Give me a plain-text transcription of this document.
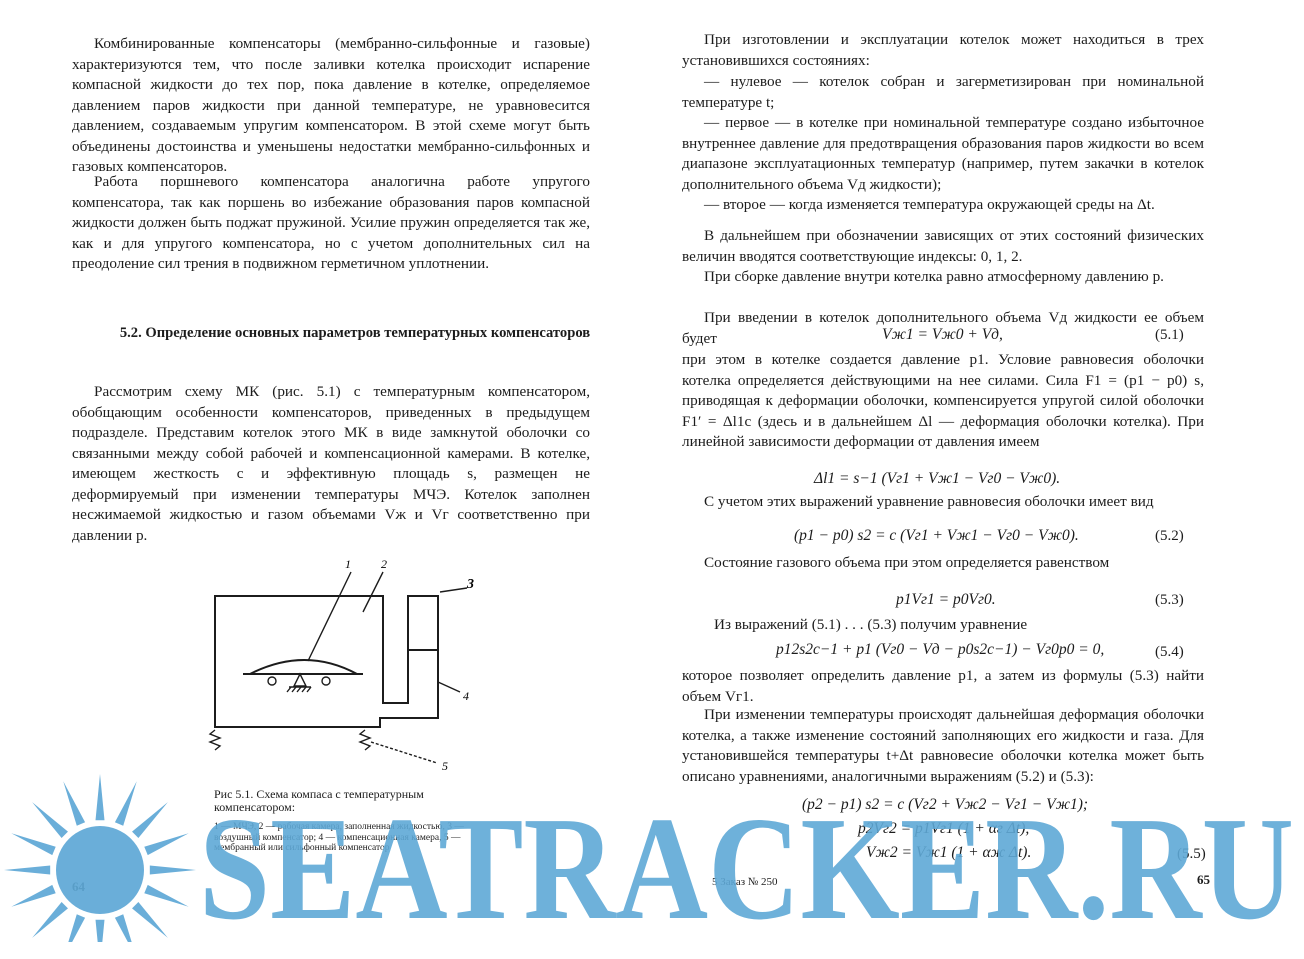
Комбинированные компенсаторы (мембранно-сильфонные и газовые) характеризуются тем, что после заливки котелка происходит испарение компасной жидкости до тех пор, пока давление в котелке, определяемое давлением паров жидкости при данной температуре, не уравновесится давлением, создаваемым упругим компенсатором. В этой схеме могут быть объединены достоинства и уменьшены недостатки мембранно-сильфонных и газовых компенсаторов.

Работа поршневого компенсатора аналогична работе упругого компенсатора, так как поршень во избежание образования паров компасной жидкости должен быть поджат пружиной. Усилие пружин определяется так же, как и для упругого компенсатора, но с учетом дополнительных сил на преодоление сил трения в подвижном герметичном уплотнении.

5.2. Определение основных параметров температурных компенсаторов

Рассмотрим схему МК (рис. 5.1) с температурным компенсатором, обобщающим особенности компенсаторов, приведенных в предыдущем подразделе. Представим котелок этого МК в виде замкнутой оболочки со связанными между собой рабочей и компенсационной камерами. В котелке, имеющем жесткость c и эффективную площадь s, размещен не деформируемый при изменении температуры МЧЭ. Котелок заполнен несжимаемой жидкостью и газом объемами Vж и Vг соответственно при давлении p.

1	2
3
4
5
Рис 5.1. Схема компаса с температурным компенсатором:
1 — МЧЭ, 2 — рабочая камера, заполненная жидкостью, 3 — воздушный компенсатор; 4 — компенсационная камера, 5 — мембранный или сильфонный компенсатор

При изготовлении и эксплуатации котелок может находиться в трех установившихся состояниях:

— нулевое — котелок собран и загерметизирован при номинальной температуре t;

— первое — в котелке при номинальной температуре создано избыточное внутреннее давление для предотвращения образования паров жидкости во всем диапазоне эксплуатационных температур (например, путем закачки в котелок дополнительного объема Vд жидкости);

— второе — когда изменяется температура окружающей среды на Δt.

В дальнейшем при обозначении зависящих от этих состояний физических величин вводятся соответствующие индексы: 0, 1, 2.

При сборке давление внутри котелка равно атмосферному давлению p.

При введении в котелок дополнительного объема Vд жидкости ее объем будет	Vж1 = Vж0 + Vд,	(5.1)

при этом в котелке создается давление p1. Условие равновесия оболочки котелка определяется действующими на нее силами. Сила F1 = (p1 − p0) s, приводящая к деформации оболочки, компенсируется упругой силой оболочки F1′ = Δl1c (здесь и в дальнейшем Δl — деформация оболочки котелка). При линейной зависимости деформации от давления имеем

Δl1 = s−1 (Vг1 + Vж1 − Vг0 − Vж0).

С учетом этих выражений уравнение равновесия оболочки имеет вид

(p1 − p0) s2 = c (Vг1 + Vж1 − Vг0 − Vж0).	(5.2)

Состояние газового объема при этом определяется равенством

p1Vг1 = p0Vг0.	(5.3)
Из выражений (5.1) . . . (5.3) получим уравнение
p12s2c−1 + p1 (Vг0 − Vд − p0s2c−1) − Vг0p0 = 0,	(5.4)

которое позволяет определить давление p1, а затем из формулы (5.3) найти объем Vг1.

При изменении температуры происходят дальнейшая деформация оболочки котелка, а также изменение состояний заполняющих его жидкости и газа. Для установившейся температуры t+Δt равновесие оболочки котелка может быть описано уравнениями, аналогичными выражениям (5.2) и (5.3):

(p2 − p1) s2 = c (Vг2 + Vж2 − Vг1 − Vж1);
p2Vг2 = p1Vг1 (1 + αг Δt),
Vж2 = Vж1 (1 + αж Δt).	(5.5)
5 Заказ № 250	65
SEATRACKER.RU
